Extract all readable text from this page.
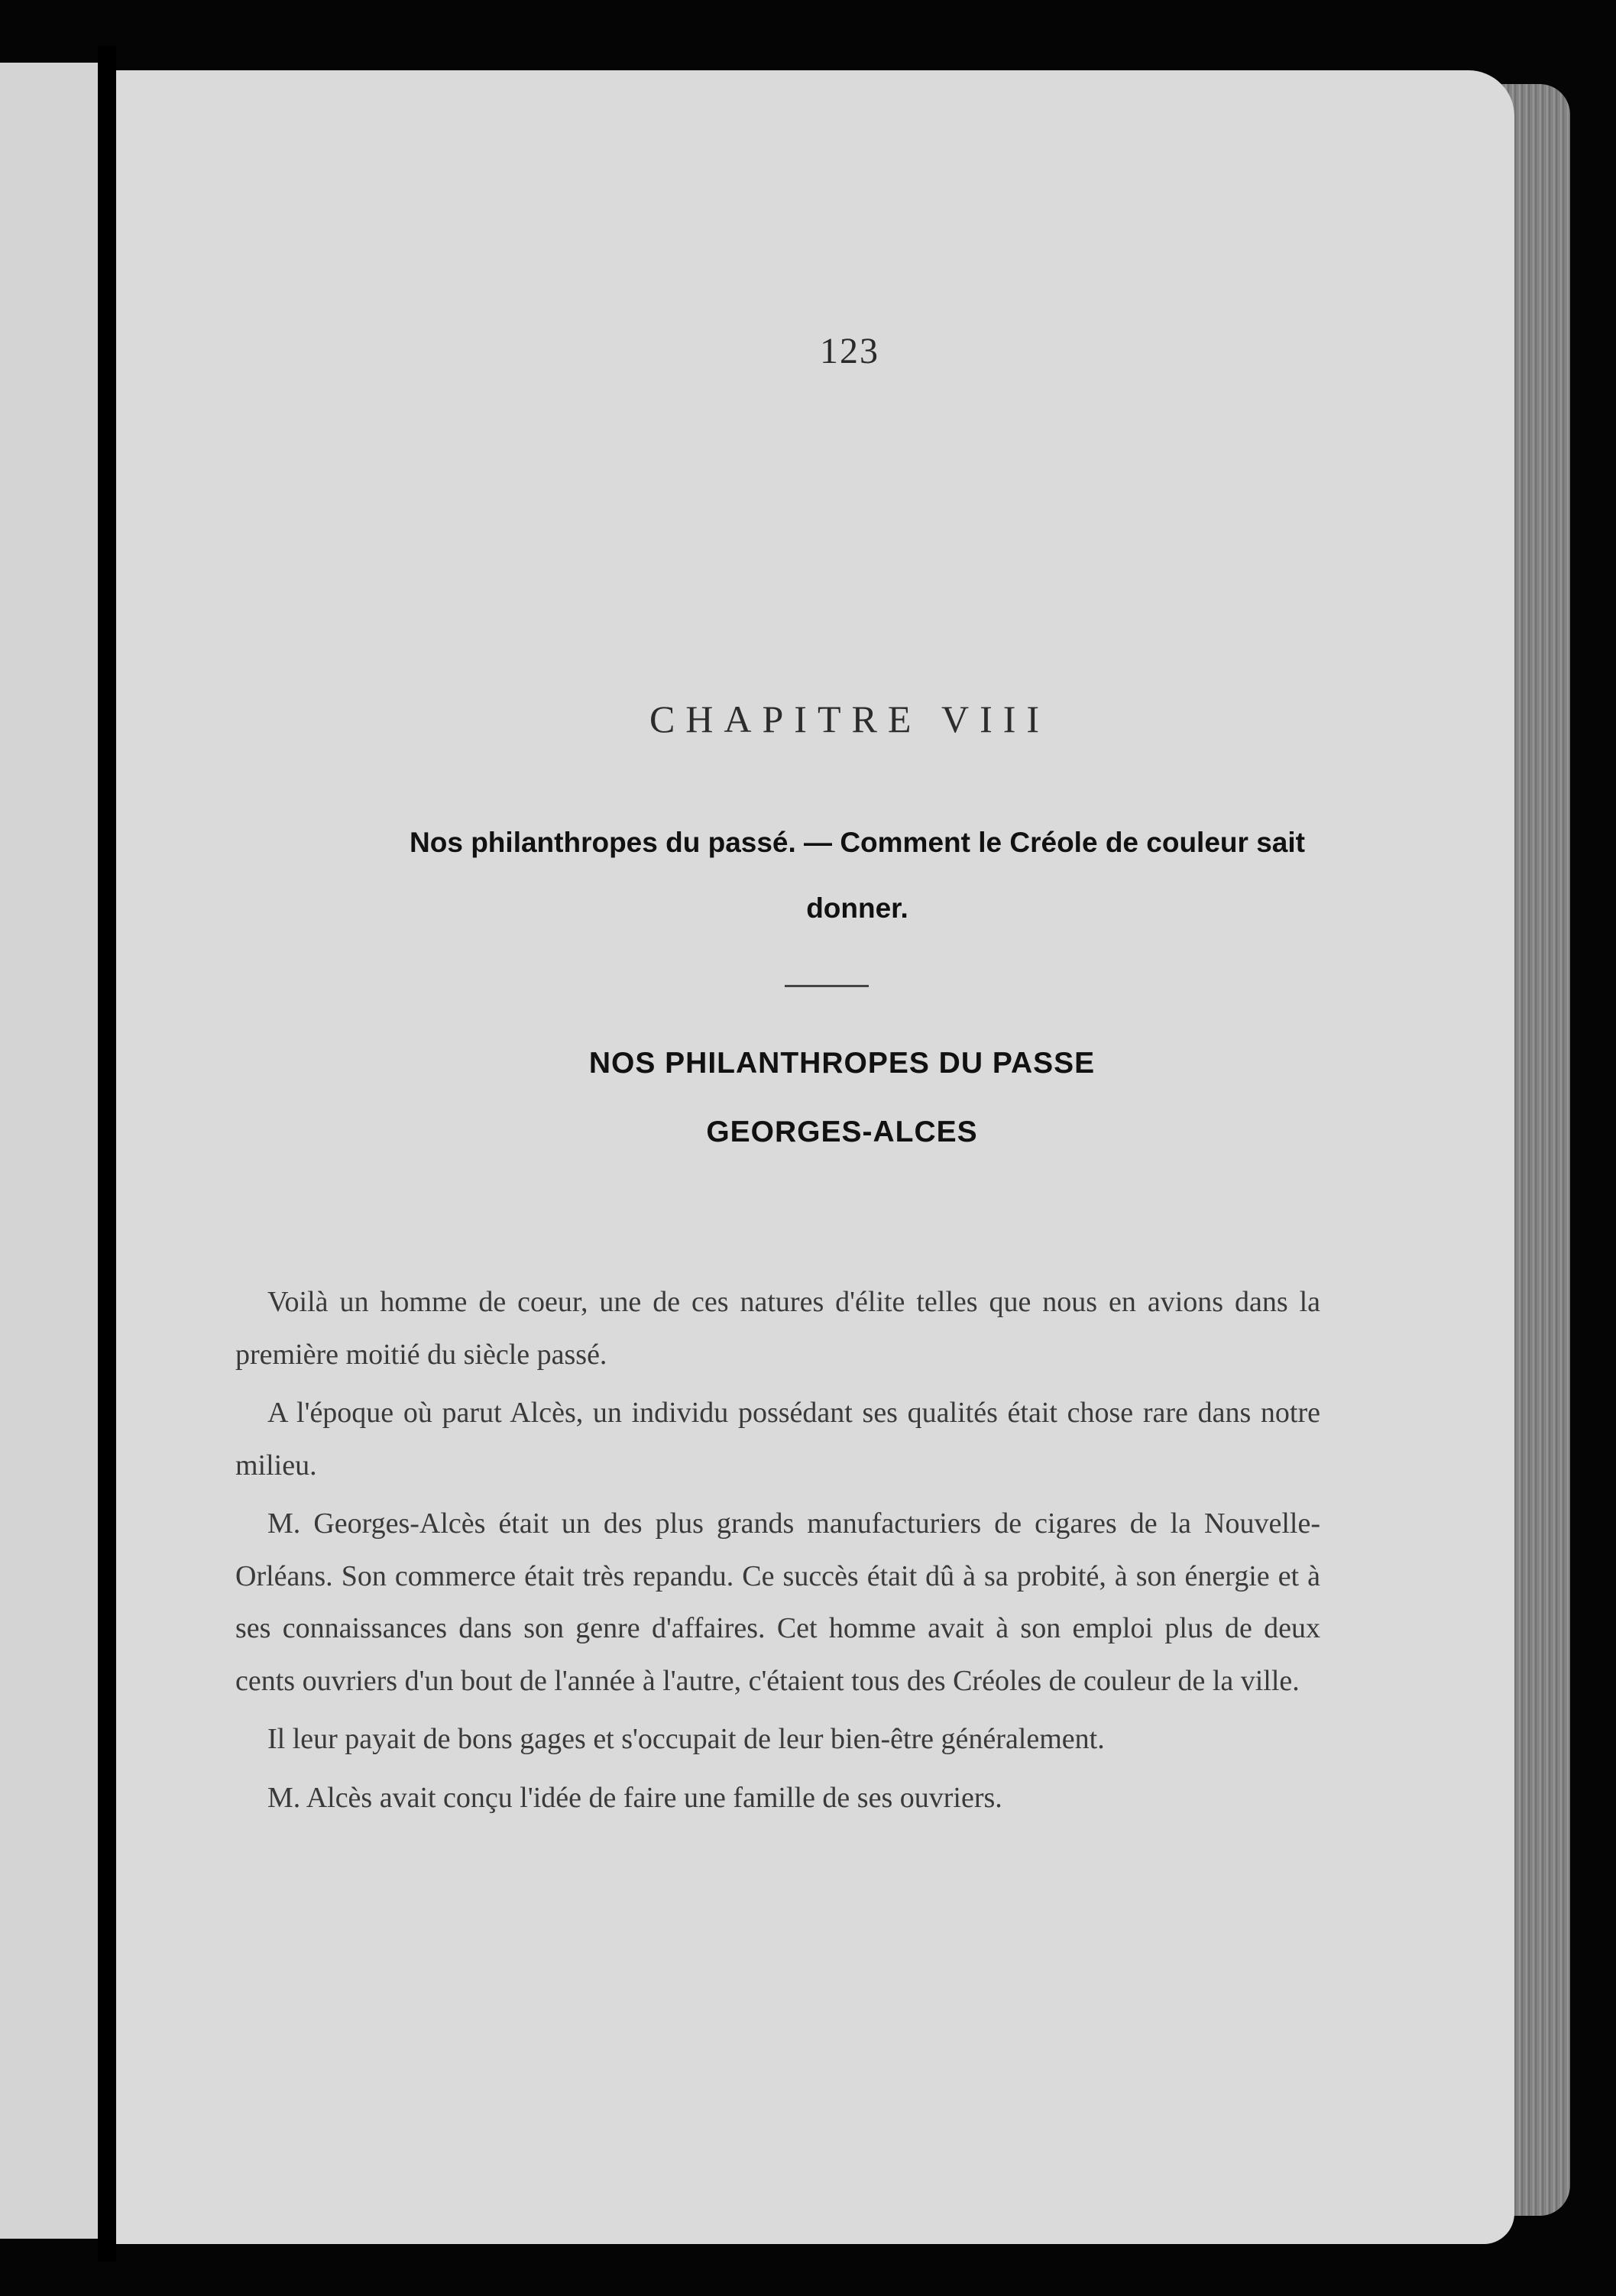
123
CHAPITRE VIII
Nos philanthropes du passé. — Comment le Créole de couleur sait donner.
NOS PHILANTHROPES DU PASSE
GEORGES-ALCES

Voilà un homme de coeur, une de ces natures d'élite telles que nous en avions dans la première moitié du siècle passé.

A l'époque où parut Alcès, un individu possédant ses qualités était chose rare dans notre milieu.

M. Georges-Alcès était un des plus grands manufacturiers de cigares de la Nouvelle-Orléans. Son commerce était très repandu. Ce succès était dû à sa probité, à son énergie et à ses connaissances dans son genre d'affaires. Cet homme avait à son emploi plus de deux cents ouvriers d'un bout de l'année à l'autre, c'étaient tous des Créoles de couleur de la ville.

Il leur payait de bons gages et s'occupait de leur bien-être généralement.

M. Alcès avait conçu l'idée de faire une famille de ses ouvriers.
